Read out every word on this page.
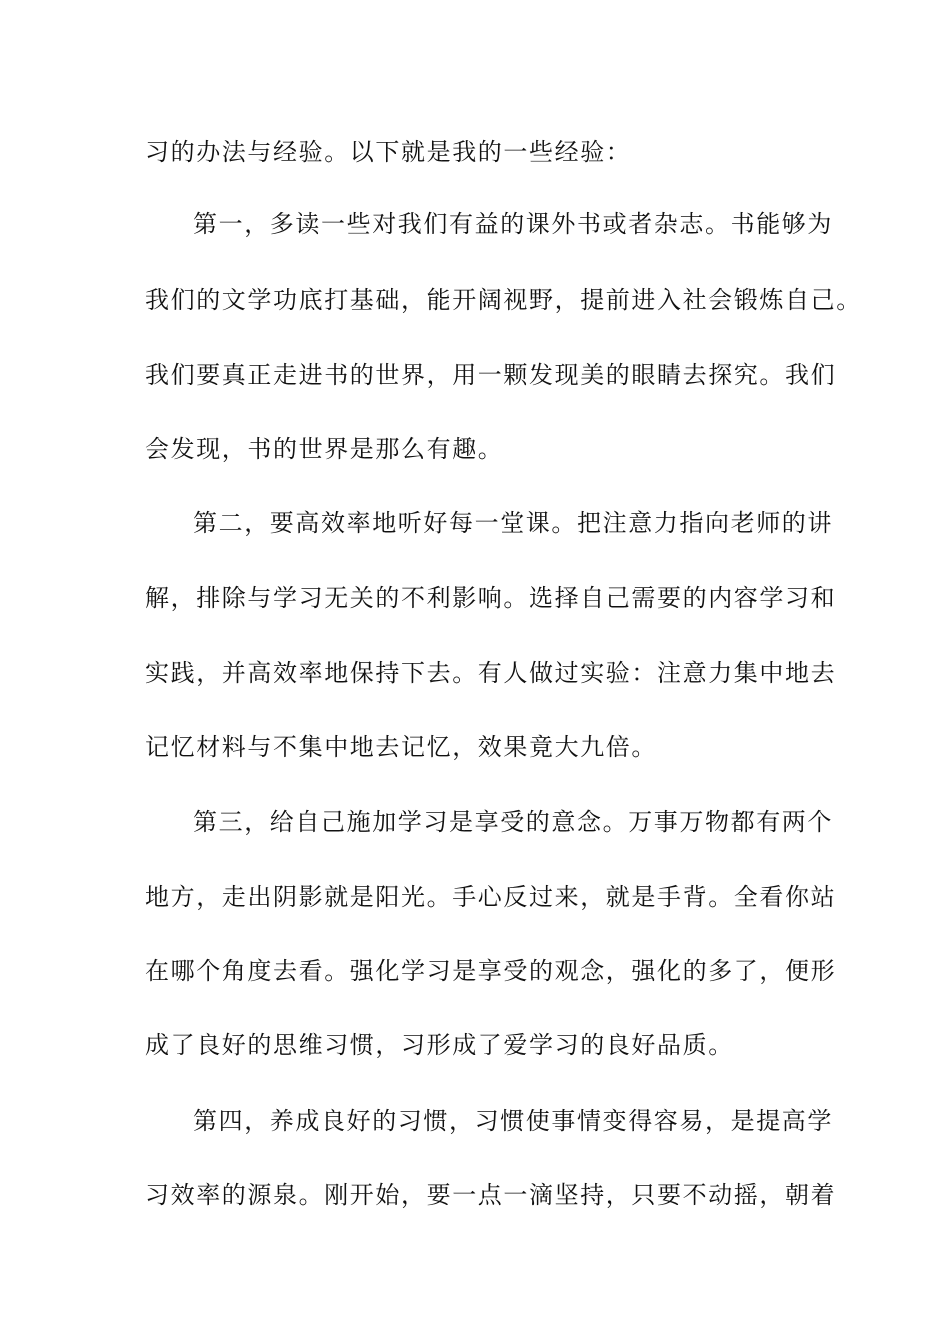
习的办法与经验。以下就是我的一些经验：
第一，多读一些对我们有益的课外书或者杂志。书能够为
我们的文学功底打基础，能开阔视野，提前进入社会锻炼自己。
我们要真正走进书的世界，用一颗发现美的眼睛去探究。我们
会发现，书的世界是那么有趣。
第二，要高效率地听好每一堂课。把注意力指向老师的讲
解，排除与学习无关的不利影响。选择自己需要的内容学习和
实践，并高效率地保持下去。有人做过实验：注意力集中地去
记忆材料与不集中地去记忆，效果竟大九倍。
第三，给自己施加学习是享受的意念。万事万物都有两个
地方，走出阴影就是阳光。手心反过来，就是手背。全看你站
在哪个角度去看。强化学习是享受的观念，强化的多了，便形
成了良好的思维习惯，习形成了爱学习的良好品质。
第四，养成良好的习惯，习惯使事情变得容易，是提高学
习效率的源泉。刚开始，要一点一滴坚持，只要不动摇，朝着
